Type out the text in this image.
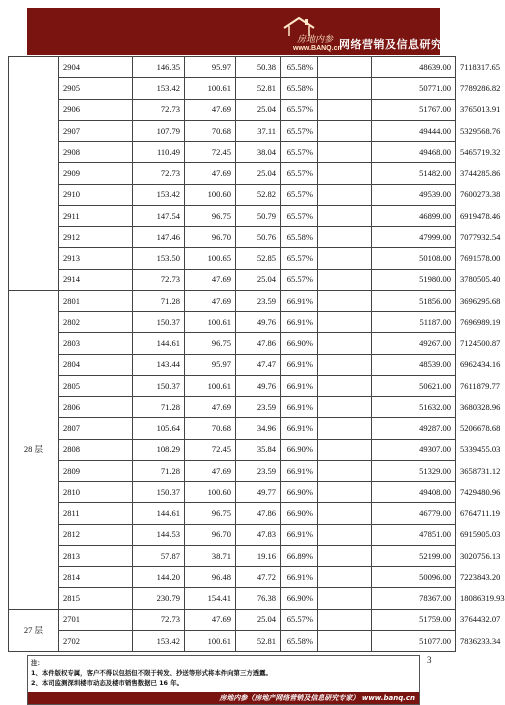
房地内参
www.BANQ.cn
网络营销及信息研究专家
	2904	146.35	95.97	50.38	65.58%		48639.00	7118317.65
	2905	153.42	100.61	52.81	65.58%		50771.00	7789286.82
	2906	72.73	47.69	25.04	65.57%		51767.00	3765013.91
	2907	107.79	70.68	37.11	65.57%		49444.00	5329568.76
	2908	110.49	72.45	38.04	65.57%		49468.00	5465719.32
	2909	72.73	47.69	25.04	65.57%		51482.00	3744285.86
	2910	153.42	100.60	52.82	65.57%		49539.00	7600273.38
	2911	147.54	96.75	50.79	65.57%		46899.00	6919478.46
	2912	147.46	96.70	50.76	65.58%		47999.00	7077932.54
	2913	153.50	100.65	52.85	65.57%		50108.00	7691578.00
	2914	72.73	47.69	25.04	65.57%		51980.00	3780505.40
28 层	2801	71.28	47.69	23.59	66.91%		51856.00	3696295.68
	2802	150.37	100.61	49.76	66.91%		51187.00	7696989.19
	2803	144.61	96.75	47.86	66.90%		49267.00	7124500.87
	2804	143.44	95.97	47.47	66.91%		48539.00	6962434.16
	2805	150.37	100.61	49.76	66.91%		50621.00	7611879.77
	2806	71.28	47.69	23.59	66.91%		51632.00	3680328.96
	2807	105.64	70.68	34.96	66.91%		49287.00	5206678.68
	2808	108.29	72.45	35.84	66.90%		49307.00	5339455.03
	2809	71.28	47.69	23.59	66.91%		51329.00	3658731.12
	2810	150.37	100.60	49.77	66.90%		49408.00	7429480.96
	2811	144.61	96.75	47.86	66.90%		46779.00	6764711.19
	2812	144.53	96.70	47.83	66.91%		47851.00	6915905.03
	2813	57.87	38.71	19.16	66.89%		52199.00	3020756.13
	2814	144.20	96.48	47.72	66.91%		50096.00	7223843.20
	2815	230.79	154.41	76.38	66.90%		78367.00	18086319.93
27 层	2701	72.73	47.69	25.04	65.57%		51759.00	3764432.07
	2702	153.42	100.61	52.81	65.58%		51077.00	7836233.34
注：
1、本件版权专属，客户不得以包括但不限于转发、抄送等形式将本件向第三方透露。
2、本司监测深圳楼市动态及楼市销售数据已 16 年。
房地内参（房地产网络营销及信息研究专家） www.banq.cn
3
